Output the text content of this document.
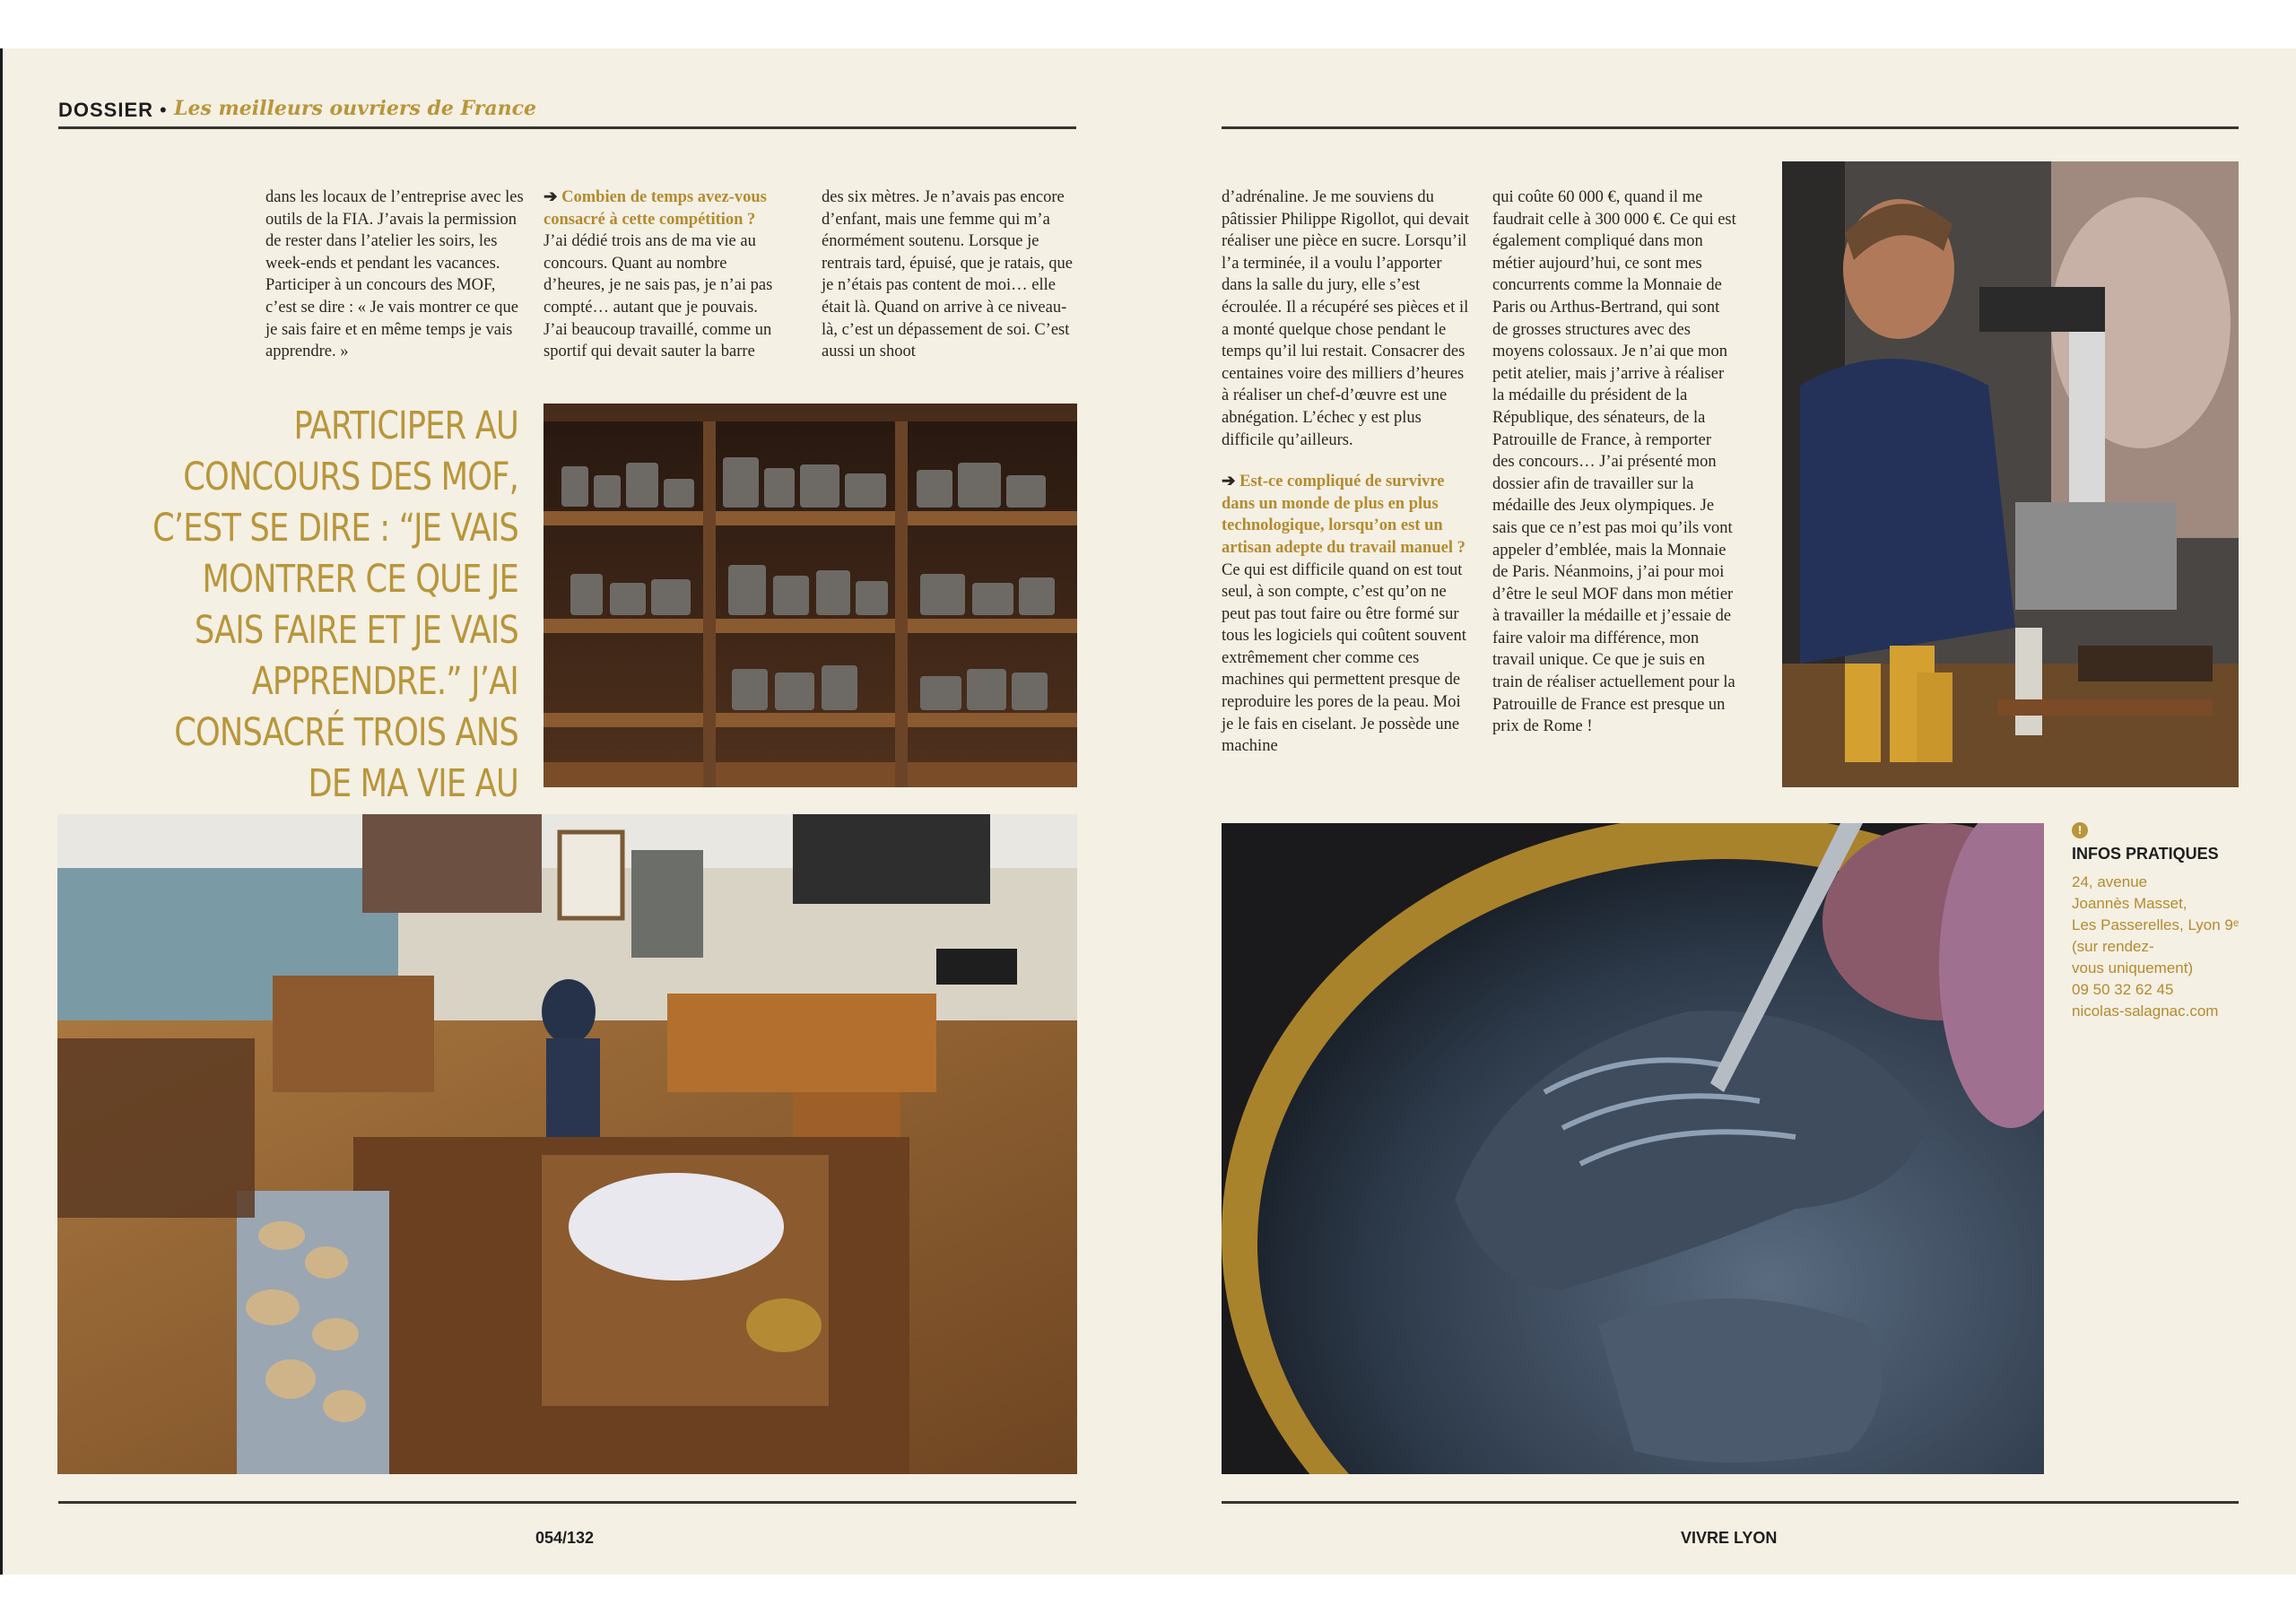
DOSSIER • Les meilleurs ouvriers de France
dans les locaux de l’entreprise avec les outils de la FIA. J’avais la permission de rester dans l’atelier les soirs, les week-ends et pendant les vacances. Participer à un concours des MOF, c’est se dire : « Je vais montrer ce que je sais faire et en même temps je vais apprendre. »
➔ Combien de temps avez-vous consacré à cette compétition ? J’ai dédié trois ans de ma vie au concours. Quant au nombre d’heures, je ne sais pas, je n’ai pas compté… autant que je pouvais. J’ai beaucoup travaillé, comme un sportif qui devait sauter la barre
des six mètres. Je n’avais pas encore d’enfant, mais une femme qui m’a énormément soutenu. Lorsque je rentrais tard, épuisé, que je ratais, que je n’étais pas content de moi… elle était là. Quand on arrive à ce niveau-là, c’est un dépassement de soi. C’est aussi un shoot
PARTICIPER AU CONCOURS DES MOF, C’EST SE DIRE : “JE VAIS MONTRER CE QUE JE SAIS FAIRE ET JE VAIS APPRENDRE.” J’AI CONSACRÉ TROIS ANS DE MA VIE AU
d’adrénaline. Je me souviens du pâtissier Philippe Rigollot, qui devait réaliser une pièce en sucre. Lorsqu’il l’a terminée, il a voulu l’apporter dans la salle du jury, elle s’est écroulée. Il a récupéré ses pièces et il a monté quelque chose pendant le temps qu’il lui restait. Consacrer des centaines voire des milliers d’heures à réaliser un chef-d’œuvre est une abnégation. L’échec y est plus difficile qu’ailleurs.
➔ Est-ce compliqué de survivre dans un monde de plus en plus technologique, lorsqu’on est un artisan adepte du travail manuel ? Ce qui est difficile quand on est tout seul, à son compte, c’est qu’on ne peut pas tout faire ou être formé sur tous les logiciels qui coûtent souvent extrêmement cher comme ces machines qui permettent presque de reproduire les pores de la peau. Moi je le fais en ciselant. Je possède une machine
qui coûte 60 000 €, quand il me faudrait celle à 300 000 €. Ce qui est également compliqué dans mon métier aujourd’hui, ce sont mes concurrents comme la Monnaie de Paris ou Arthus-Bertrand, qui sont de grosses structures avec des moyens colossaux. Je n’ai que mon petit atelier, mais j’arrive à réaliser la médaille du président de la République, des sénateurs, de la Patrouille de France, à remporter des concours… J’ai présenté mon dossier afin de travailler sur la médaille des Jeux olympiques. Je sais que ce n’est pas moi qu’ils vont appeler d’emblée, mais la Monnaie de Paris. Néanmoins, j’ai pour moi d’être le seul MOF dans mon métier à travailler la médaille et j’essaie de faire valoir ma différence, mon travail unique. Ce que je suis en train de réaliser actuellement pour la Patrouille de France est presque un prix de Rome !
!
INFOS PRATIQUES
24, avenue
Joannès Masset,
Les Passerelles, Lyon 9ᵉ
(sur rendez-
vous uniquement)
09 50 32 62 45
nicolas-salagnac.com
054/132	VIVRE LYON
